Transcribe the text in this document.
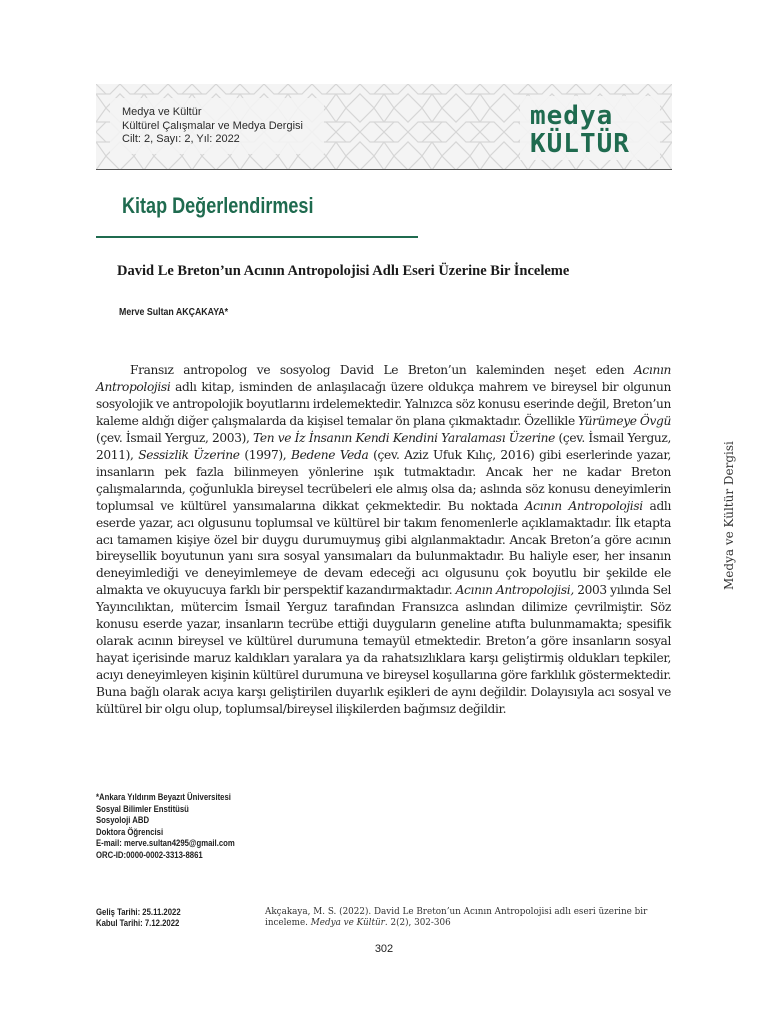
Medya ve Kültür
Kültürel Çalışmalar ve Medya Dergisi
Cilt: 2, Sayı: 2, Yıl: 2022
medya
KÜLTÜR
Kitap Değerlendirmesi
David Le Breton’un Acının Antropolojisi Adlı Eseri Üzerine Bir İnceleme
Merve Sultan AKÇAKAYA*
Fransız antropolog ve sosyolog David Le Breton’un kaleminden neşet eden Acının Antropolojisi adlı kitap, isminden de anlaşılacağı üzere oldukça mahrem ve bireysel bir olgunun sosyolojik ve antropolojik boyutlarını irdelemektedir. Yalnızca söz konusu eserinde değil, Breton’un kaleme aldığı diğer çalışmalarda da kişisel temalar ön plana çıkmaktadır. Özellikle Yürümeye Övgü (çev. İsmail Yerguz, 2003), Ten ve İz İnsanın Kendi Kendini Yaralaması Üzerine (çev. İsmail Yerguz, 2011), Sessizlik Üzerine (1997), Bedene Veda (çev. Aziz Ufuk Kılıç, 2016) gibi eserlerinde yazar, insanların pek fazla bilinmeyen yönlerine ışık tutmaktadır. Ancak her ne kadar Breton çalışmalarında, çoğunlukla bireysel tecrübeleri ele almış olsa da; aslında söz konusu deneyimlerin toplumsal ve kültürel yansımalarına dikkat çekmektedir. Bu noktada Acının Antropolojisi adlı eserde yazar, acı olgusunu toplumsal ve kültürel bir takım fenomenlerle açıklamaktadır. İlk etapta acı tamamen kişiye özel bir duygu durumuymuş gibi algılanmaktadır. Ancak Breton’a göre acının bireysellik boyutunun yanı sıra sosyal yansımaları da bulunmaktadır. Bu haliyle eser, her insanın deneyimlediği ve deneyimlemeye de devam edeceği acı olgusunu çok boyutlu bir şekilde ele almakta ve okuyucuya farklı bir perspektif kazandırmaktadır. Acının Antropolojisi, 2003 yılında Sel Yayıncılıktan, mütercim İsmail Yerguz tarafından Fransızca aslından dilimize çevrilmiştir. Söz konusu eserde yazar, insanların tecrübe ettiği duyguların geneline atıfta bulunmamakta; spesifik olarak acının bireysel ve kültürel durumuna temayül etmektedir. Breton’a göre insanların sosyal hayat içerisinde maruz kaldıkları yaralara ya da rahatsızlıklara karşı geliştirmiş oldukları tepkiler, acıyı deneyimleyen kişinin kültürel durumuna ve bireysel koşullarına göre farklılık göstermektedir. Buna bağlı olarak acıya karşı geliştirilen duyarlık eşikleri de aynı değildir. Dolayısıyla acı sosyal ve kültürel bir olgu olup, toplumsal/bireysel ilişkilerden bağımsız değildir.
Medya ve Kültür Dergisi
*Ankara Yıldırım Beyazıt Üniversitesi
Sosyal Bilimler Enstitüsü
Sosyoloji ABD
Doktora Öğrencisi
E-mail: merve.sultan4295@gmail.com
ORC-ID:0000-0002-3313-8861
Geliş Tarihi: 25.11.2022
Kabul Tarihi: 7.12.2022
Akçakaya, M. S. (2022). David Le Breton’un Acının Antropolojisi adlı eseri üzerine bir inceleme. Medya ve Kültür. 2(2), 302-306
302
